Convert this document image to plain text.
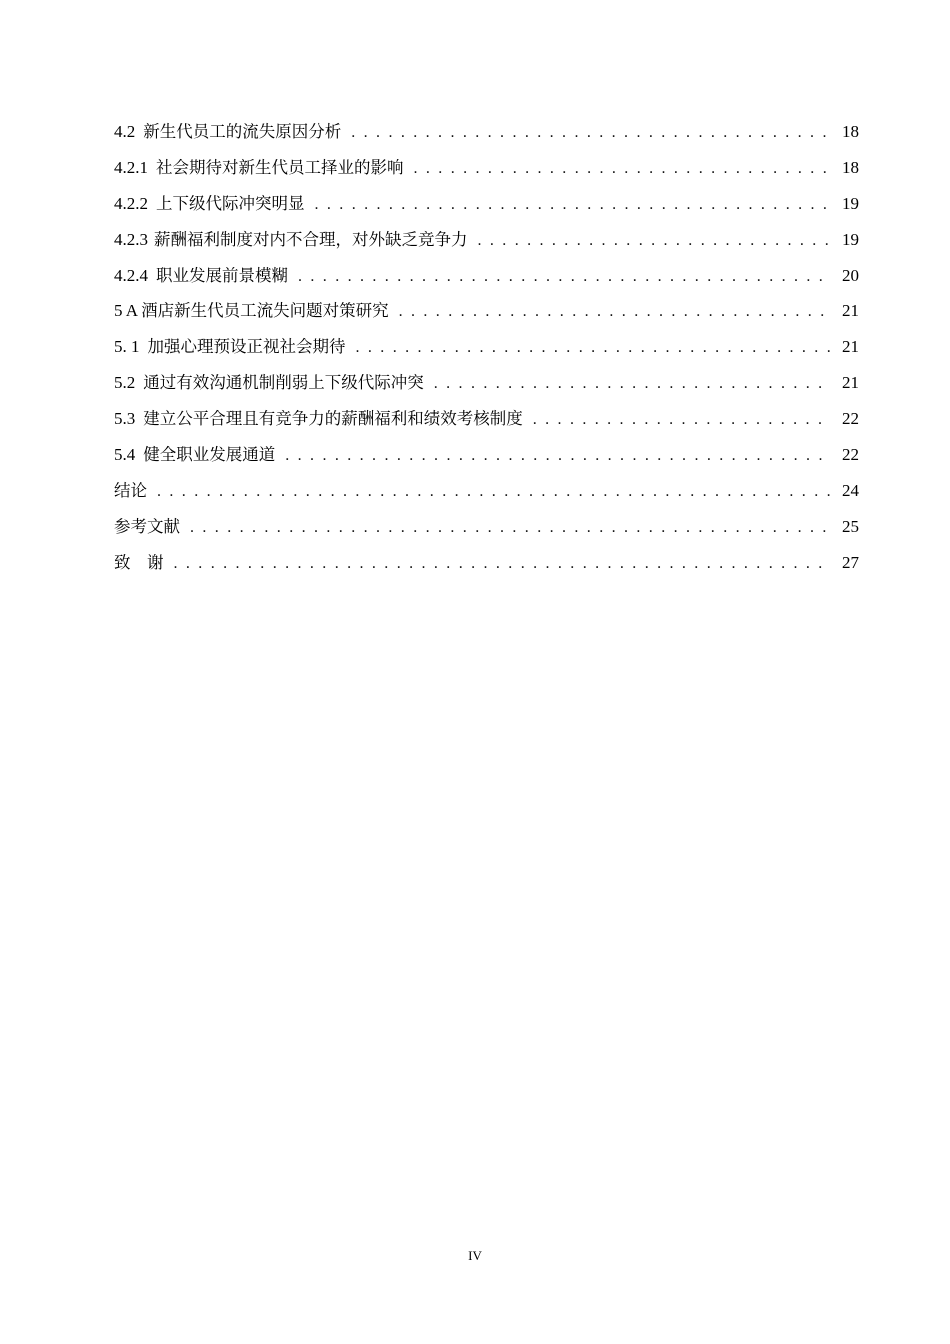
4.2 新生代员工的流失原因分析 . . .	18
4.2.1 社会期待对新生代员工择业的影响 . . .	18
4.2.2 上下级代际冲突明显 . . .	19
4.2.3 薪酬福利制度对内不合理，对外缺乏竞争力 . . .	19
4.2.4 职业发展前景模糊 . . .	20
5 A 酒店新生代员工流失问题对策研究 . . .	21
5. 1 加强心理预设正视社会期待 . . .	21
5.2 通过有效沟通机制削弱上下级代际冲突 . . .	21
5.3 建立公平合理且有竞争力的薪酬福利和绩效考核制度 . . .	22
5.4 健全职业发展通道 . . .	22
结论 . . .	24
参考文献 . . .	25
致　谢 . . .	27
IV
